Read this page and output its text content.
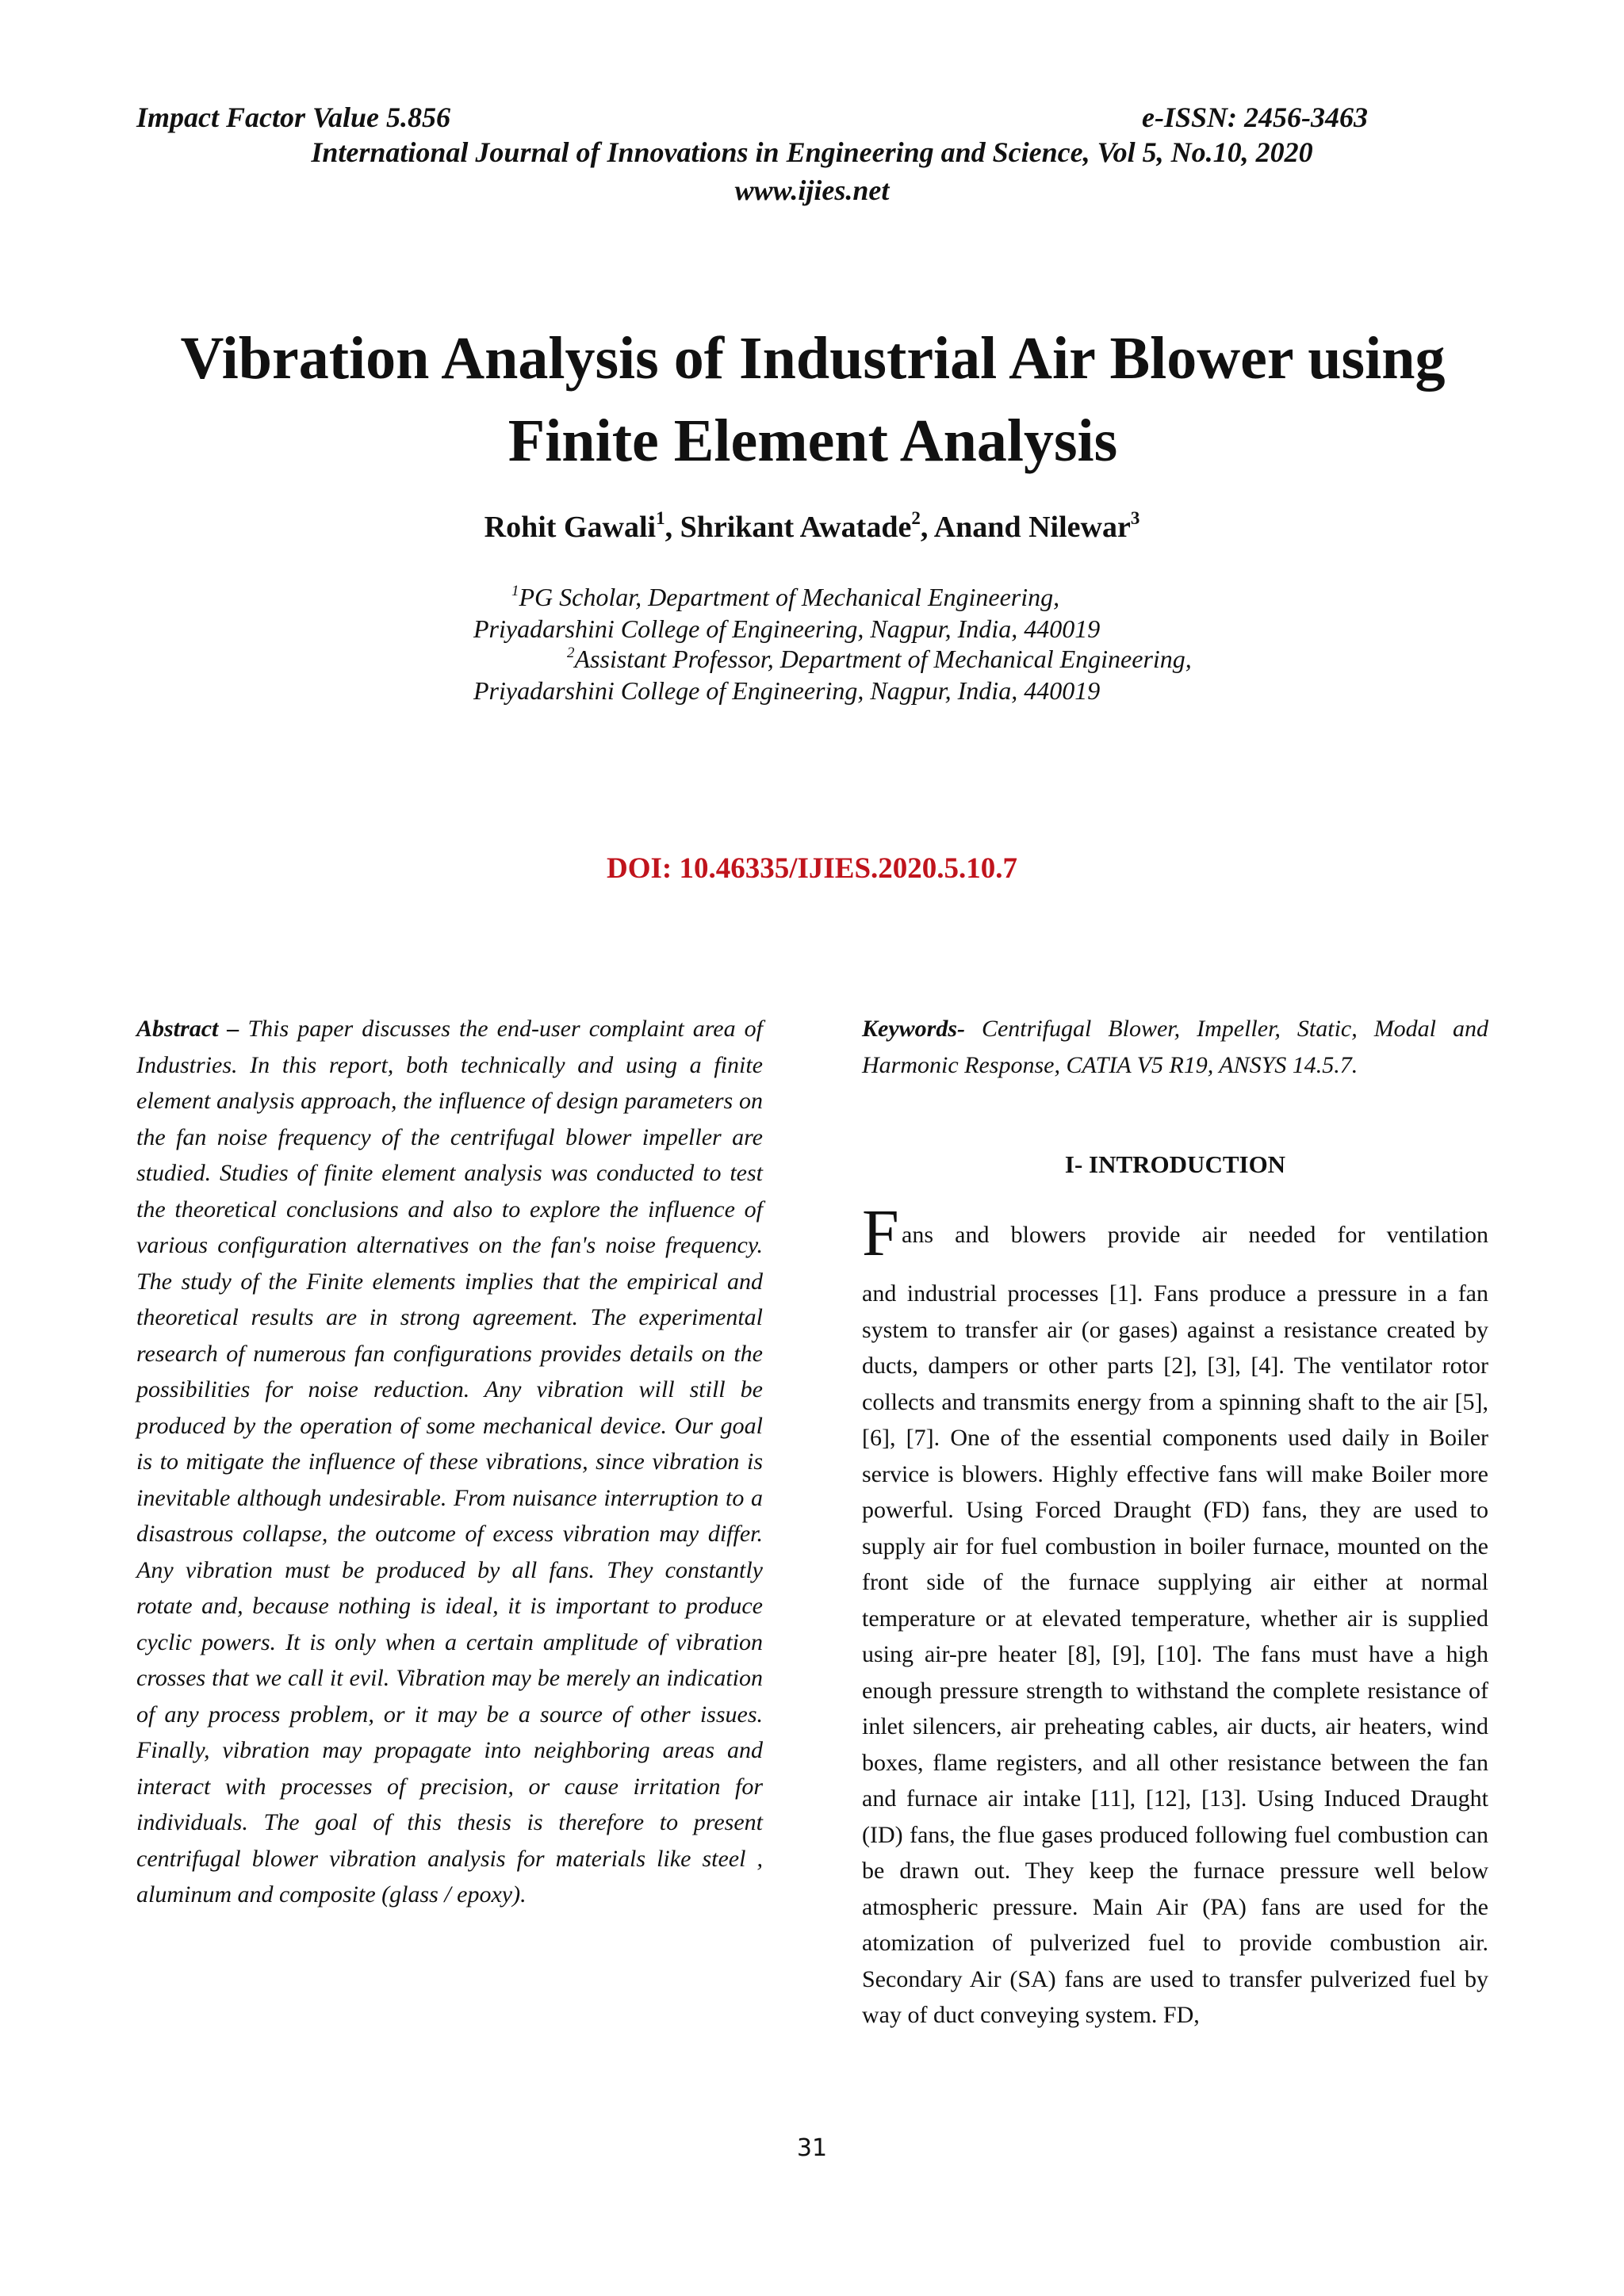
Impact Factor Value 5.856	e-ISSN: 2456-3463
International Journal of Innovations in Engineering and Science, Vol 5, No.10, 2020
www.ijies.net
Vibration Analysis of Industrial Air Blower using Finite Element Analysis
Rohit Gawali$^1$, Shrikant Awatade$^2$, Anand Nilewar$^3$
$^1$PG Scholar, Department of Mechanical Engineering,
Priyadarshini College of Engineering, Nagpur, India, 440019
$^2$Assistant Professor, Department of Mechanical Engineering,
Priyadarshini College of Engineering, Nagpur, India, 440019
DOI: 10.46335/IJIES.2020.5.10.7
Abstract – This paper discusses the end-user complaint area of Industries. In this report, both technically and using a finite element analysis approach, the influence of design parameters on the fan noise frequency of the centrifugal blower impeller are studied. Studies of finite element analysis was conducted to test the theoretical conclusions and also to explore the influence of various configuration alternatives on the fan's noise frequency. The study of the Finite elements implies that the empirical and theoretical results are in strong agreement. The experimental research of numerous fan configurations provides details on the possibilities for noise reduction. Any vibration will still be produced by the operation of some mechanical device. Our goal is to mitigate the influence of these vibrations, since vibration is inevitable although undesirable. From nuisance interruption to a disastrous collapse, the outcome of excess vibration may differ. Any vibration must be produced by all fans. They constantly rotate and, because nothing is ideal, it is important to produce cyclic powers. It is only when a certain amplitude of vibration crosses that we call it evil. Vibration may be merely an indication of any process problem, or it may be a source of other issues. Finally, vibration may propagate into neighboring areas and interact with processes of precision, or cause irritation for individuals. The goal of this thesis is therefore to present centrifugal blower vibration analysis for materials like steel , aluminum and composite (glass / epoxy).
Keywords- Centrifugal Blower, Impeller, Static, Modal and Harmonic Response, CATIA V5 R19, ANSYS 14.5.7.
I- INTRODUCTION
F ans and blowers provide air needed for ventilation
and industrial processes [1]. Fans produce a pressure in a fan system to transfer air (or gases) against a resistance created by ducts, dampers or other parts [2], [3], [4]. The ventilator rotor collects and transmits energy from a spinning shaft to the air [5], [6], [7]. One of the essential components used daily in Boiler service is blowers. Highly effective fans will make Boiler more powerful. Using Forced Draught (FD) fans, they are used to supply air for fuel combustion in boiler furnace, mounted on the front side of the furnace supplying air either at normal temperature or at elevated temperature, whether air is supplied using air-pre heater [8], [9], [10]. The fans must have a high enough pressure strength to withstand the complete resistance of inlet silencers, air preheating cables, air ducts, air heaters, wind boxes, flame registers, and all other resistance between the fan and furnace air intake [11], [12], [13]. Using Induced Draught (ID) fans, the flue gases produced following fuel combustion can be drawn out. They keep the furnace pressure well below atmospheric pressure. Main Air (PA) fans are used for the atomization of pulverized fuel to provide combustion air. Secondary Air (SA) fans are used to transfer pulverized fuel by way of duct conveying system. FD,
31
